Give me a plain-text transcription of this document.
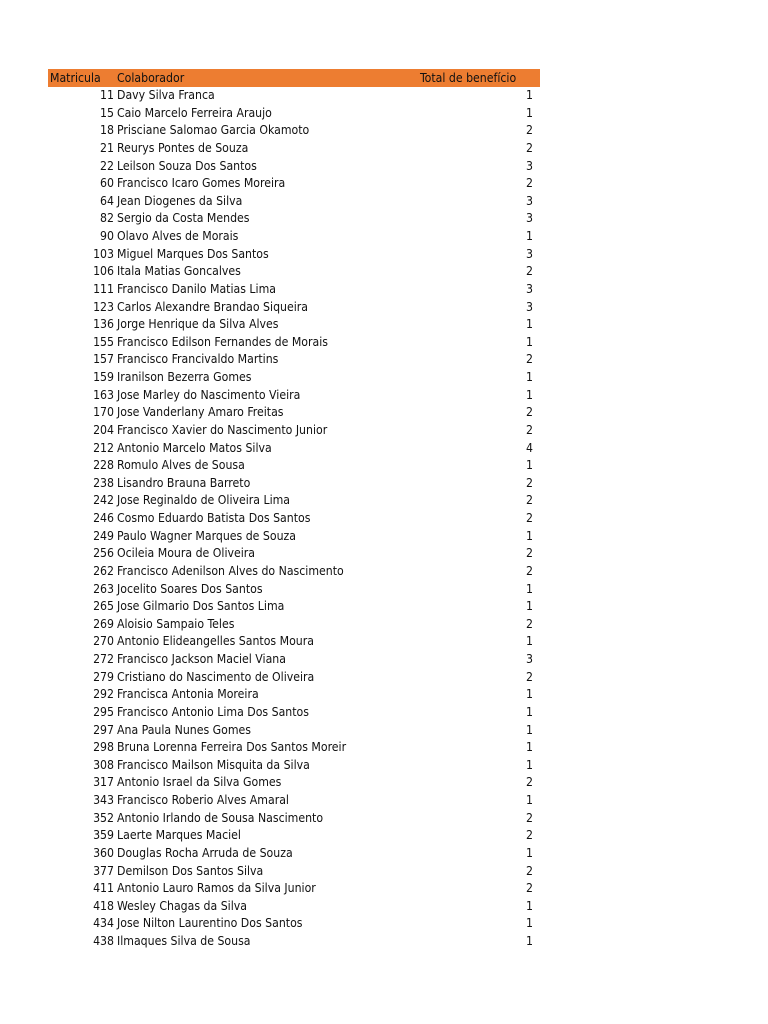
Matricula	Colaborador	Total de benefício
11 Davy Silva Franca	1
15 Caio Marcelo Ferreira Araujo	1
18 Prisciane Salomao Garcia Okamoto	2
21 Reurys Pontes de Souza	2
22 Leilson Souza Dos Santos	3
60 Francisco Icaro Gomes Moreira	2
64 Jean Diogenes da Silva	3
82 Sergio da Costa Mendes	3
90 Olavo Alves de Morais	1
103 Miguel Marques Dos Santos	3
106 Itala Matias Goncalves	2
111 Francisco Danilo Matias Lima	3
123 Carlos Alexandre Brandao Siqueira	3
136 Jorge Henrique da Silva Alves	1
155 Francisco Edilson Fernandes de Morais	1
157 Francisco Francivaldo Martins	2
159 Iranilson Bezerra Gomes	1
163 Jose Marley do Nascimento Vieira	1
170 Jose Vanderlany Amaro Freitas	2
204 Francisco Xavier do Nascimento Junior	2
212 Antonio Marcelo Matos Silva	4
228 Romulo Alves de Sousa	1
238 Lisandro Brauna Barreto	2
242 Jose Reginaldo de Oliveira Lima	2
246 Cosmo Eduardo Batista Dos Santos	2
249 Paulo Wagner Marques de Souza	1
256 Ocileia Moura de Oliveira	2
262 Francisco Adenilson Alves do Nascimento	2
263 Jocelito Soares Dos Santos	1
265 Jose Gilmario Dos Santos Lima	1
269 Aloisio Sampaio Teles	2
270 Antonio Elideangelles Santos Moura	1
272 Francisco Jackson Maciel Viana	3
279 Cristiano do Nascimento de Oliveira	2
292 Francisca Antonia Moreira	1
295 Francisco Antonio Lima Dos Santos	1
297 Ana Paula Nunes Gomes	1
298 Bruna Lorenna Ferreira Dos Santos Moreir	1
308 Francisco Mailson Misquita da Silva	1
317 Antonio Israel da Silva Gomes	2
343 Francisco Roberio Alves Amaral	1
352 Antonio Irlando de Sousa Nascimento	2
359 Laerte Marques Maciel	2
360 Douglas Rocha Arruda de Souza	1
377 Demilson Dos Santos Silva	2
411 Antonio Lauro Ramos da Silva Junior	2
418 Wesley Chagas da Silva	1
434 Jose Nilton Laurentino Dos Santos	1
438 Ilmaques Silva de Sousa	1
